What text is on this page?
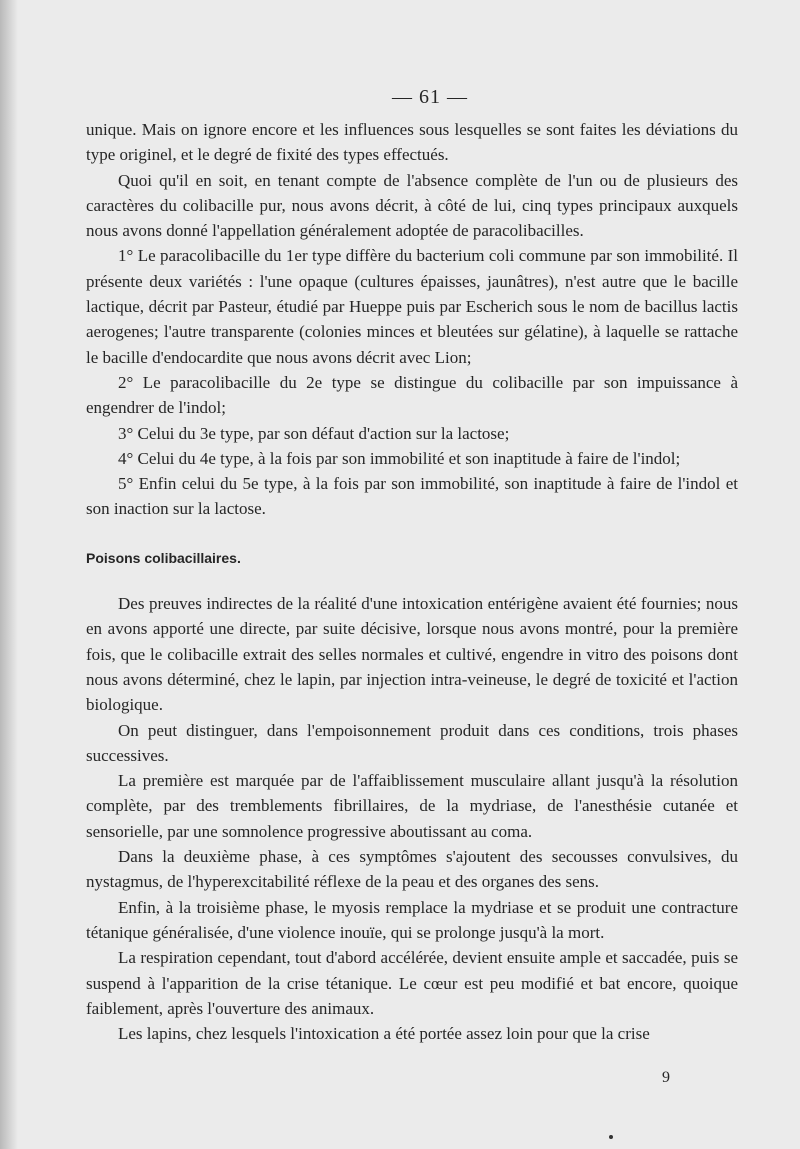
— 61 —

unique. Mais on ignore encore et les influences sous lesquelles se sont faites les déviations du type originel, et le degré de fixité des types effectués.

Quoi qu'il en soit, en tenant compte de l'absence complète de l'un ou de plusieurs des caractères du colibacille pur, nous avons décrit, à côté de lui, cinq types principaux auxquels nous avons donné l'appellation généralement adoptée de paracolibacilles.

1° Le paracolibacille du 1er type diffère du bacterium coli commune par son immobilité. Il présente deux variétés : l'une opaque (cultures épaisses, jaunâtres), n'est autre que le bacille lactique, décrit par Pasteur, étudié par Hueppe puis par Escherich sous le nom de bacillus lactis aerogenes; l'autre transparente (colonies minces et bleutées sur gélatine), à laquelle se rattache le bacille d'endocardite que nous avons décrit avec Lion;

2° Le paracolibacille du 2e type se distingue du colibacille par son impuissance à engendrer de l'indol;

3° Celui du 3e type, par son défaut d'action sur la lactose;

4° Celui du 4e type, à la fois par son immobilité et son inaptitude à faire de l'indol;

5° Enfin celui du 5e type, à la fois par son immobilité, son inaptitude à faire de l'indol et son inaction sur la lactose.

Poisons colibacillaires.

Des preuves indirectes de la réalité d'une intoxication entérigène avaient été fournies; nous en avons apporté une directe, par suite décisive, lorsque nous avons montré, pour la première fois, que le colibacille extrait des selles normales et cultivé, engendre in vitro des poisons dont nous avons déterminé, chez le lapin, par injection intra-veineuse, le degré de toxicité et l'action biologique.

On peut distinguer, dans l'empoisonnement produit dans ces conditions, trois phases successives.

La première est marquée par de l'affaiblissement musculaire allant jusqu'à la résolution complète, par des tremblements fibrillaires, de la mydriase, de l'anesthésie cutanée et sensorielle, par une somnolence progressive aboutissant au coma.

Dans la deuxième phase, à ces symptômes s'ajoutent des secousses convulsives, du nystagmus, de l'hyperexcitabilité réflexe de la peau et des organes des sens.

Enfin, à la troisième phase, le myosis remplace la mydriase et se produit une contracture tétanique généralisée, d'une violence inouïe, qui se prolonge jusqu'à la mort.

La respiration cependant, tout d'abord accélérée, devient ensuite ample et saccadée, puis se suspend à l'apparition de la crise tétanique. Le cœur est peu modifié et bat encore, quoique faiblement, après l'ouverture des animaux.

Les lapins, chez lesquels l'intoxication a été portée assez loin pour que la crise

9
